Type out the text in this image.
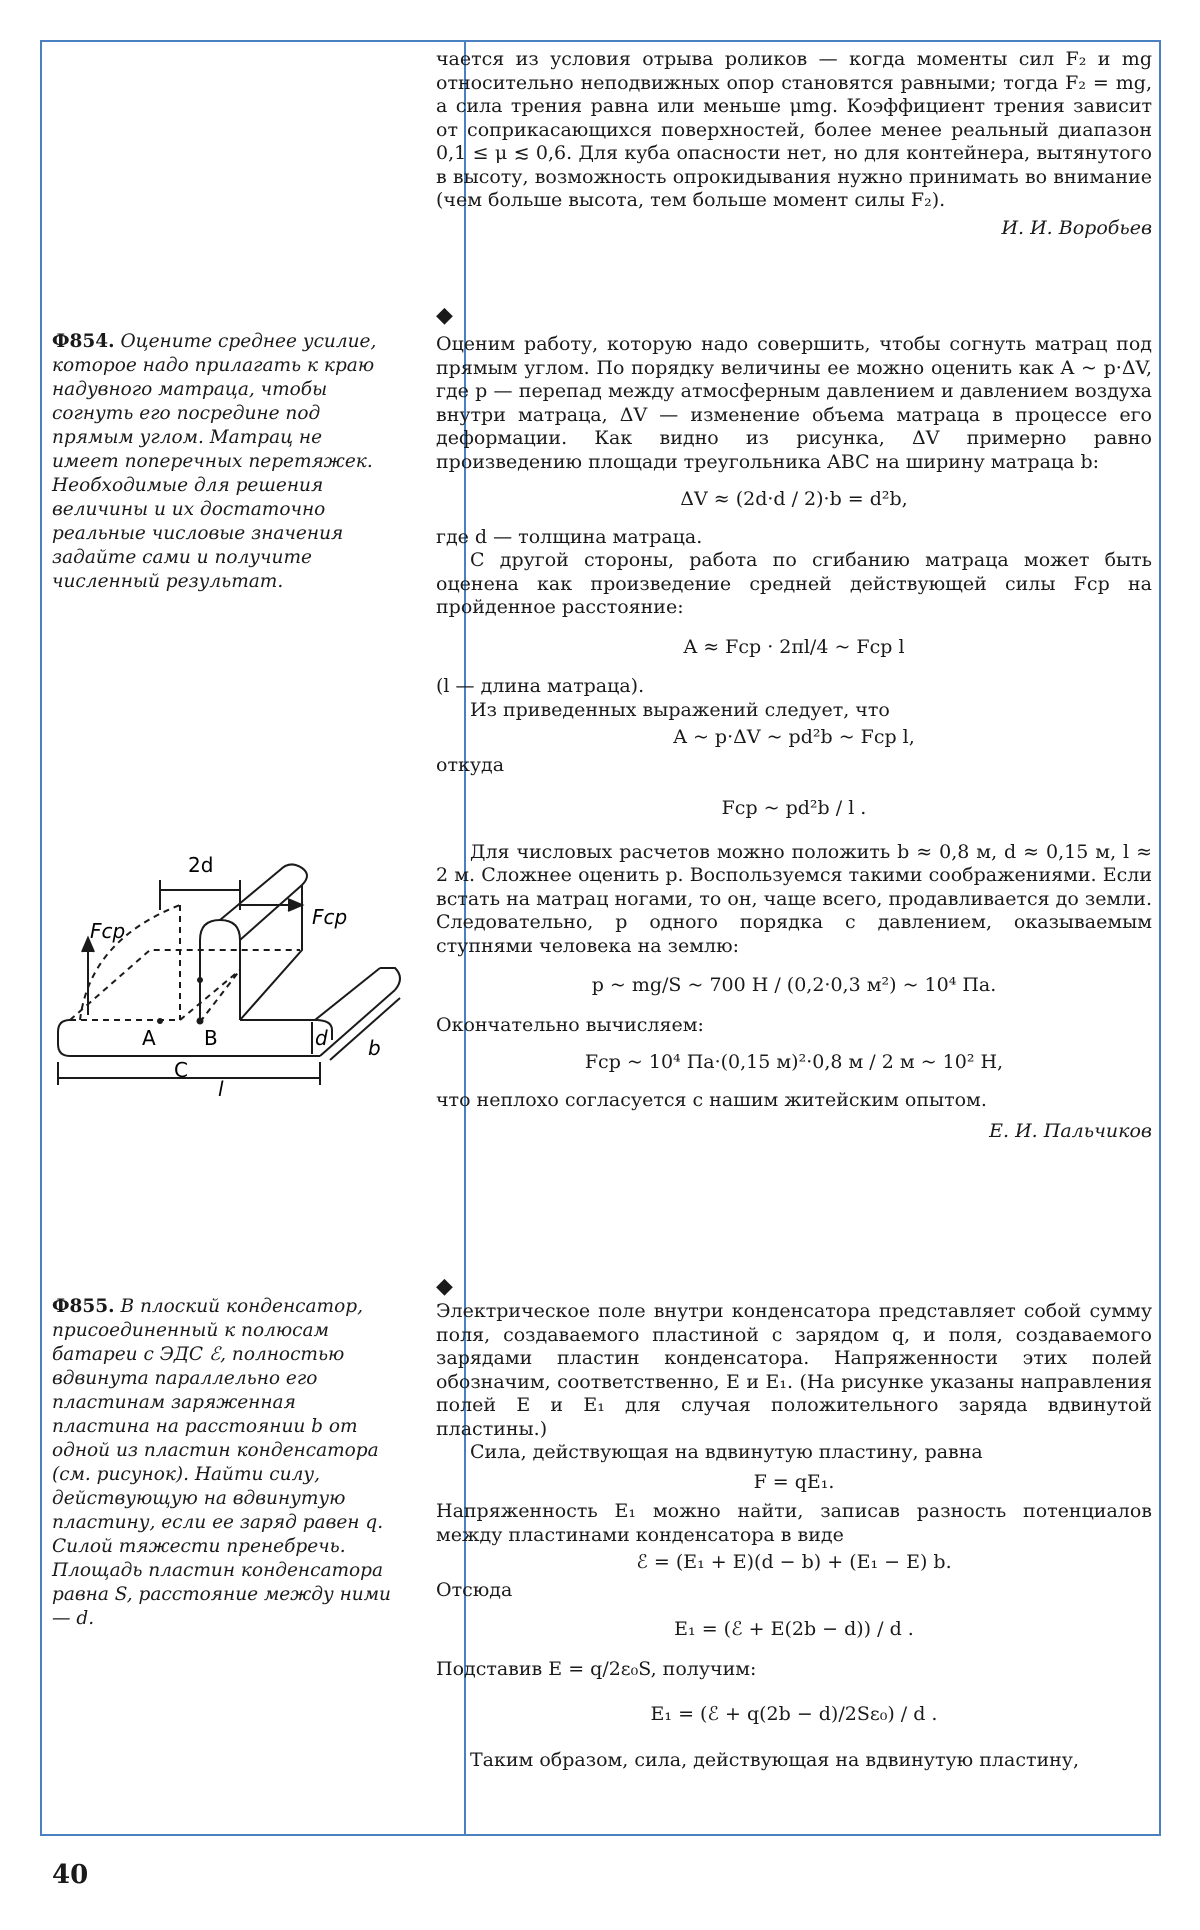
чается из условия отрыва роликов — когда моменты сил F₂ и mg относительно неподвижных опор становятся равными; тогда F₂ = mg, а сила трения равна или меньше μmg. Коэффициент трения зависит от соприкасающихся поверхностей, более менее реальный диапазон 0,1 ≤ μ ≲ 0,6. Для куба опасности нет, но для контейнера, вытянутого в высоту, возможность опрокидывания нужно принимать во внимание (чем больше высота, тем больше момент силы F₂).

И. И. Воробьев

Ф854. Оцените среднее усилие, которое надо прилагать к краю надувного матраца, чтобы согнуть его посредине под прямым углом. Матрац не имеет поперечных перетяжек. Необходимые для решения величины и их достаточно реальные числовые значения задайте сами и получите численный результат.
◆

Оценим работу, которую надо совершить, чтобы согнуть матрац под прямым углом. По порядку величины ее можно оценить как A ~ p·ΔV, где p — перепад между атмосферным давлением и давлением воздуха внутри матраца, ΔV — изменение объема матраца в процессе его деформации. Как видно из рисунка, ΔV примерно равно произведению площади треугольника ABC на ширину матраца b:

ΔV ≈ (2d·d / 2)·b = d²b,

где d — толщина матраца.

С другой стороны, работа по сгибанию матраца может быть оценена как произведение средней действующей силы Fср на пройденное расстояние:

A ≈ Fср · 2πl/4 ~ Fср l

(l — длина матраца).

Из приведенных выражений следует, что

A ~ p·ΔV ~ pd²b ~ Fср l,

откуда

Fср ~ pd²b / l .

Для числовых расчетов можно положить b ≈ 0,8 м, d ≈ 0,15 м, l ≈ 2 м. Сложнее оценить p. Воспользуемся такими соображениями. Если встать на матрац ногами, то он, чаще всего, продавливается до земли. Следовательно, p одного порядка с давлением, оказываемым ступнями человека на землю:

p ~ mg/S ~ 700 Н / (0,2·0,3 м²) ~ 10⁴ Па.

Окончательно вычисляем:

Fср ~ 10⁴ Па·(0,15 м)²·0,8 м / 2 м ~ 10² Н,

что неплохо согласуется с нашим житейским опытом.

Е. И. Пальчиков

2d
Fср
Fср
A B
C
d b
l
Ф855. В плоский конденсатор, присоединенный к полюсам батареи с ЭДС ℰ, полностью вдвинута параллельно его пластинам заряженная пластина на расстоянии b от одной из пластин конденсатора (см. рисунок). Найти силу, действующую на вдвинутую пластину, если ее заряд равен q. Силой тяжести пренебречь. Площадь пластин конденсатора равна S, расстояние между ними — d.
◆

Электрическое поле внутри конденсатора представляет собой сумму поля, создаваемого пластиной с зарядом q, и поля, создаваемого зарядами пластин конденсатора. Напряженности этих полей обозначим, соответственно, E и E₁. (На рисунке указаны направления полей E и E₁ для случая положительного заряда вдвинутой пластины.)

Сила, действующая на вдвинутую пластину, равна

F = qE₁.

Напряженность E₁ можно найти, записав разность потенциалов между пластинами конденсатора в виде

ℰ = (E₁ + E)(d − b) + (E₁ − E) b.

Отсюда

E₁ = (ℰ + E(2b − d)) / d .

Подставив E = q/2ε₀S, получим:

E₁ = (ℰ + q(2b − d)/2Sε₀) / d .

Таким образом, сила, действующая на вдвинутую пластину,

40
